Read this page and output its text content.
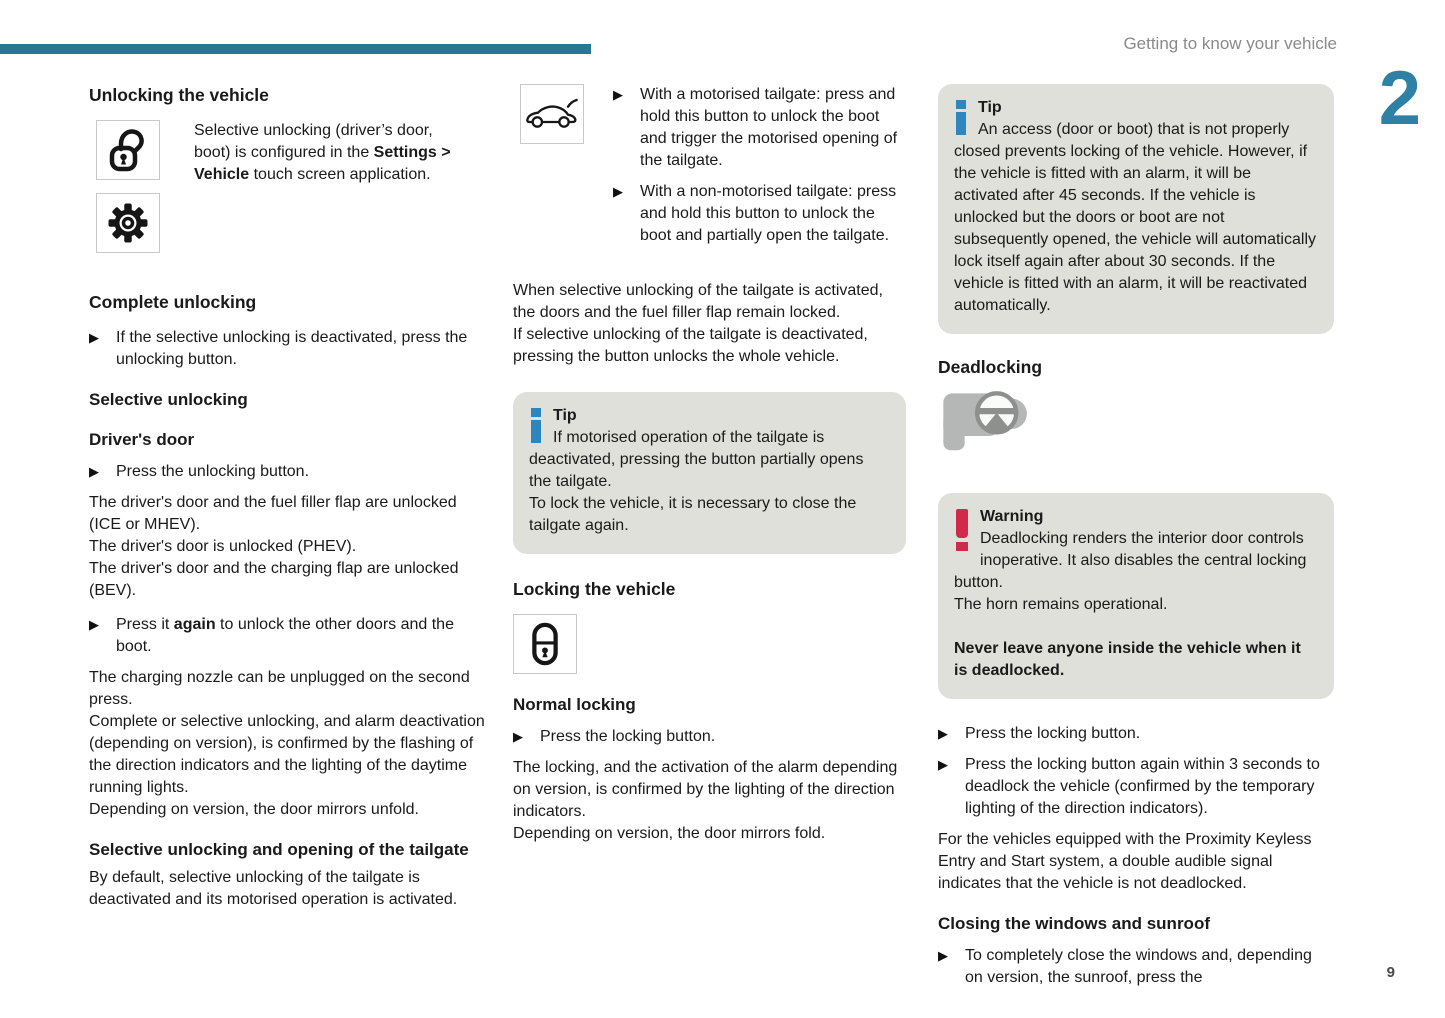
Getting to know your vehicle
2
9
Unlocking the vehicle
Selective unlocking (driver’s door, boot) is configured in the Settings > Vehicle touch screen application.
Complete unlocking
▶	If the selective unlocking is deactivated, press the unlocking button.
Selective unlocking
Driver's door
▶	Press the unlocking button.
The driver's door and the fuel filler flap are unlocked (ICE or MHEV).
The driver's door is unlocked (PHEV).
The driver's door and the charging flap are unlocked (BEV).
▶	Press it again to unlock the other doors and the boot.
The charging nozzle can be unplugged on the second press.
Complete or selective unlocking, and alarm deactivation (depending on version), is confirmed by the flashing of the direction indicators and the lighting of the daytime running lights.
Depending on version, the door mirrors unfold.
Selective unlocking and opening of the tailgate
By default, selective unlocking of the tailgate is deactivated and its motorised operation is activated.
▶	With a motorised tailgate: press and hold this button to unlock the boot and trigger the motorised opening of the tailgate.
▶	With a non-motorised tailgate: press and hold this button to unlock the boot and partially open the tailgate.
When selective unlocking of the tailgate is activated, the doors and the fuel filler flap remain locked.
If selective unlocking of the tailgate is deactivated, pressing the button unlocks the whole vehicle.
Tip
If motorised operation of the tailgate is deactivated, pressing the button partially opens the tailgate.
To lock the vehicle, it is necessary to close the tailgate again.
Locking the vehicle
Normal locking
▶	Press the locking button.
The locking, and the activation of the alarm depending on version, is confirmed by the lighting of the direction indicators.
Depending on version, the door mirrors fold.
Tip
An access (door or boot) that is not properly closed prevents locking of the vehicle. However, if the vehicle is fitted with an alarm, it will be activated after 45 seconds. If the vehicle is unlocked but the doors or boot are not subsequently opened, the vehicle will automatically lock itself again after about 30 seconds. If the vehicle is fitted with an alarm, it will be reactivated automatically.
Deadlocking
Warning
Deadlocking renders the interior door controls inoperative. It also disables the central locking button.
The horn remains operational.
Never leave anyone inside the vehicle when it is deadlocked.
▶	Press the locking button.
▶	Press the locking button again within 3 seconds to deadlock the vehicle (confirmed by the temporary lighting of the direction indicators).
For the vehicles equipped with the Proximity Keyless Entry and Start system, a double audible signal indicates that the vehicle is not deadlocked.
Closing the windows and sunroof
▶	To completely close the windows and, depending on version, the sunroof, press the
